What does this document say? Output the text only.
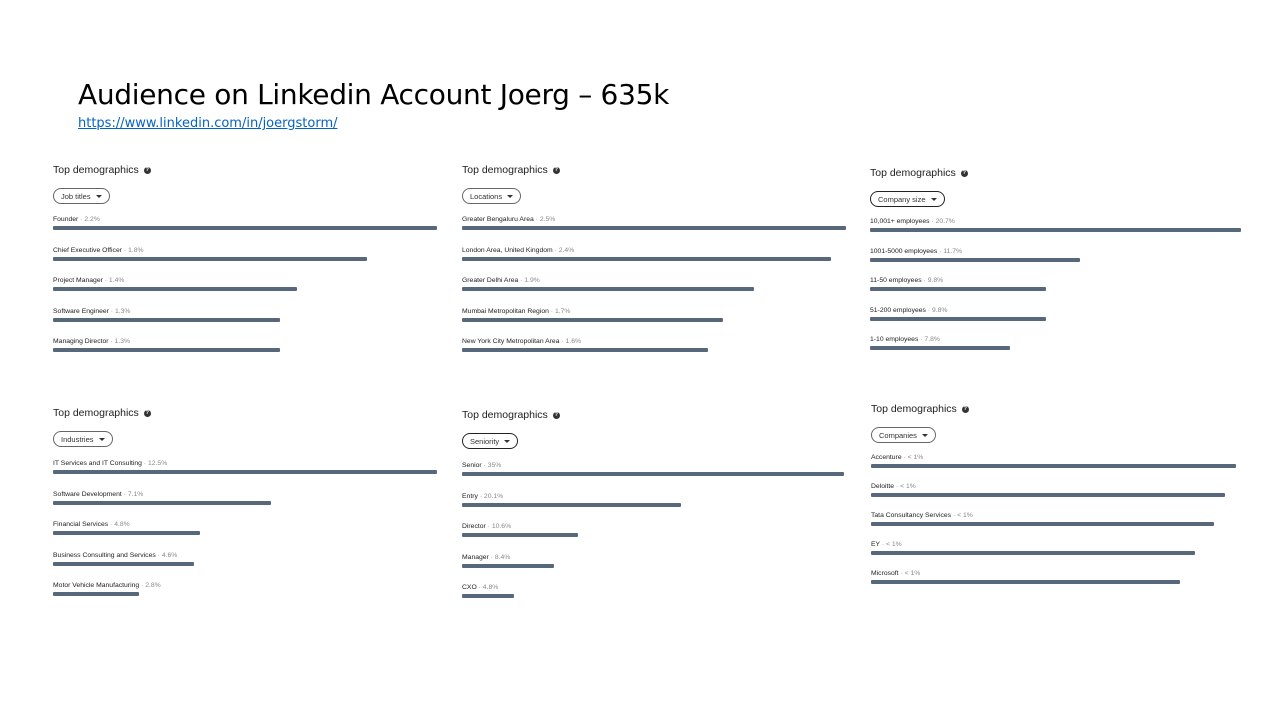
Audience on Linkedin Account Joerg – 635k
https://www.linkedin.com/in/joergstorm/
Top demographics	?
Job titles
Founder · 2.2%
Chief Executive Officer · 1.8%
Project Manager · 1.4%
Software Engineer · 1.3%
Managing Director · 1.3%
Top demographics	?
Locations
Greater Bengaluru Area · 2.5%
London Area, United Kingdom · 2.4%
Greater Delhi Area · 1.9%
Mumbai Metropolitan Region · 1.7%
New York City Metropolitan Area · 1.6%
Top demographics	?
Company size
10,001+ employees · 20.7%
1001-5000 employees · 11.7%
11-50 employees · 9.8%
51-200 employees · 9.8%
1-10 employees · 7.8%
Top demographics	?
Industries
IT Services and IT Consulting · 12.5%
Software Development · 7.1%
Financial Services · 4.8%
Business Consulting and Services · 4.6%
Motor Vehicle Manufacturing · 2.8%
Top demographics	?
Seniority
Senior · 35%
Entry · 20.1%
Director · 10.6%
Manager · 8.4%
CXO · 4.8%
Top demographics	?
Companies
Accenture · < 1%
Deloitte · < 1%
Tata Consultancy Services · < 1%
EY · < 1%
Microsoft · < 1%
